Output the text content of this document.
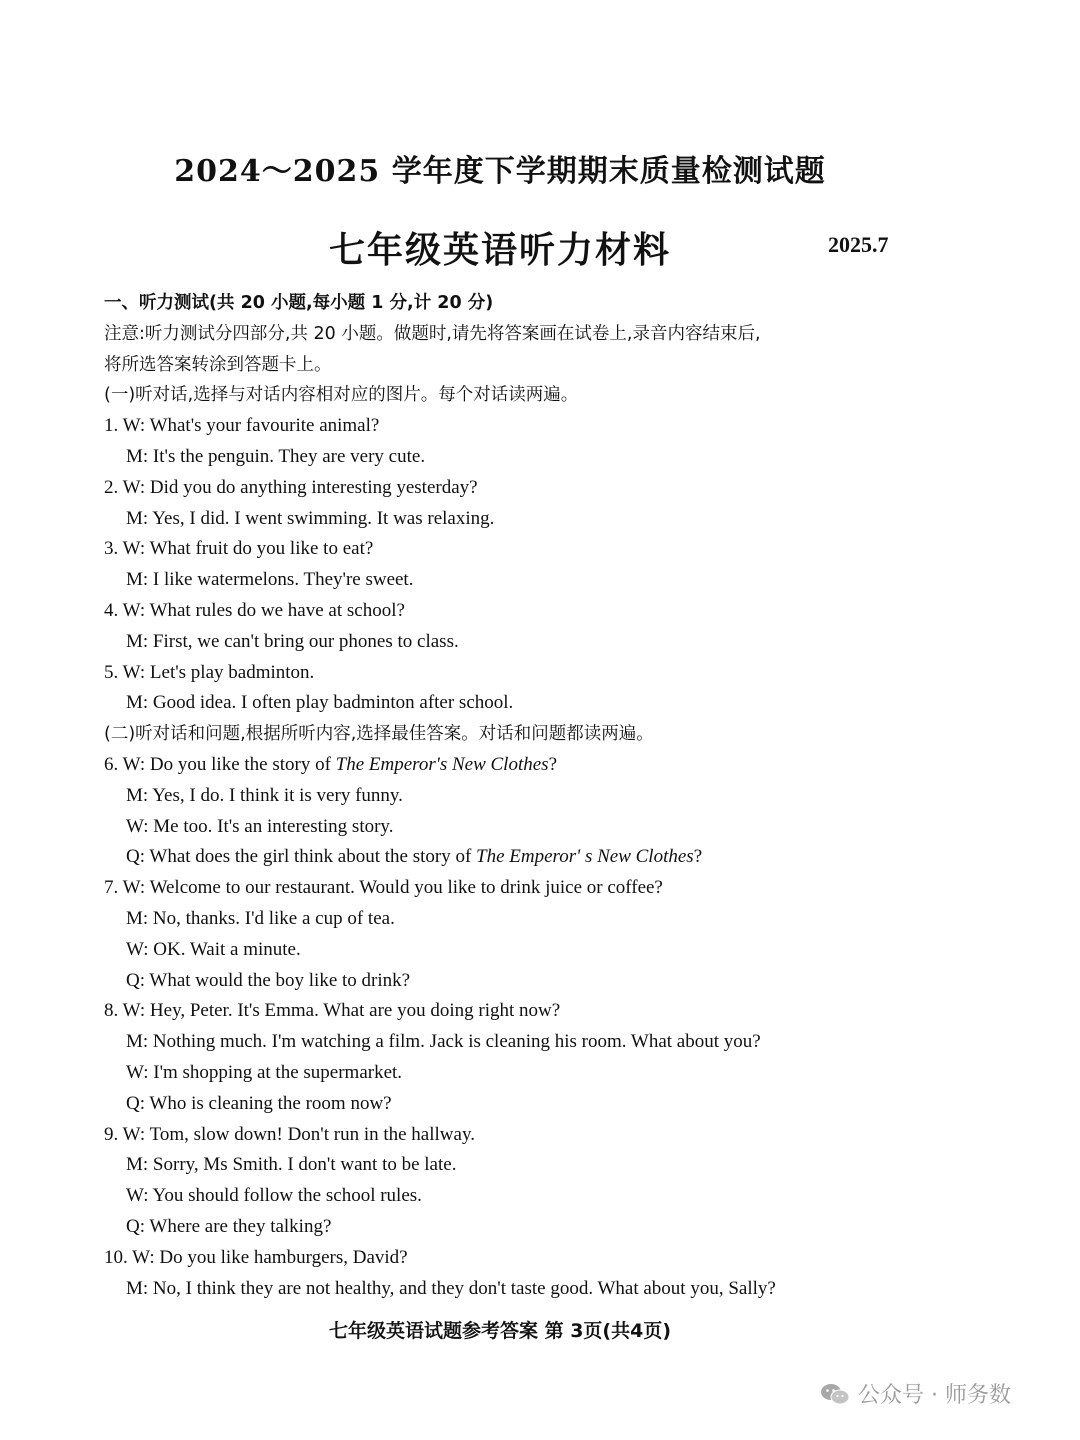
2024～2025 学年度下学期期末质量检测试题
七年级英语听力材料	2025.7
一、听力测试(共 20 小题,每小题 1 分,计 20 分)
注意:听力测试分四部分,共 20 小题。做题时,请先将答案画在试卷上,录音内容结束后,
将所选答案转涂到答题卡上。
(一)听对话,选择与对话内容相对应的图片。每个对话读两遍。
1. W: What's your favourite animal?
M: It's the penguin. They are very cute.
2. W: Did you do anything interesting yesterday?
M: Yes, I did. I went swimming. It was relaxing.
3. W: What fruit do you like to eat?
M: I like watermelons. They're sweet.
4. W: What rules do we have at school?
M: First, we can't bring our phones to class.
5. W: Let's play badminton.
M: Good idea. I often play badminton after school.
(二)听对话和问题,根据所听内容,选择最佳答案。对话和问题都读两遍。
6. W: Do you like the story of The Emperor's New Clothes?
M: Yes, I do. I think it is very funny.
W: Me too. It's an interesting story.
Q: What does the girl think about the story of The Emperor' s New Clothes?
7. W: Welcome to our restaurant. Would you like to drink juice or coffee?
M: No, thanks. I'd like a cup of tea.
W: OK. Wait a minute.
Q: What would the boy like to drink?
8. W: Hey, Peter. It's Emma. What are you doing right now?
M: Nothing much. I'm watching a film. Jack is cleaning his room. What about you?
W: I'm shopping at the supermarket.
Q: Who is cleaning the room now?
9. W: Tom, slow down! Don't run in the hallway.
M: Sorry, Ms Smith. I don't want to be late.
W: You should follow the school rules.
Q: Where are they talking?
10. W: Do you like hamburgers, David?
M: No, I think they are not healthy, and they don't taste good. What about you, Sally?
七年级英语试题参考答案 第 3页(共4页)
公众号 · 师务数
